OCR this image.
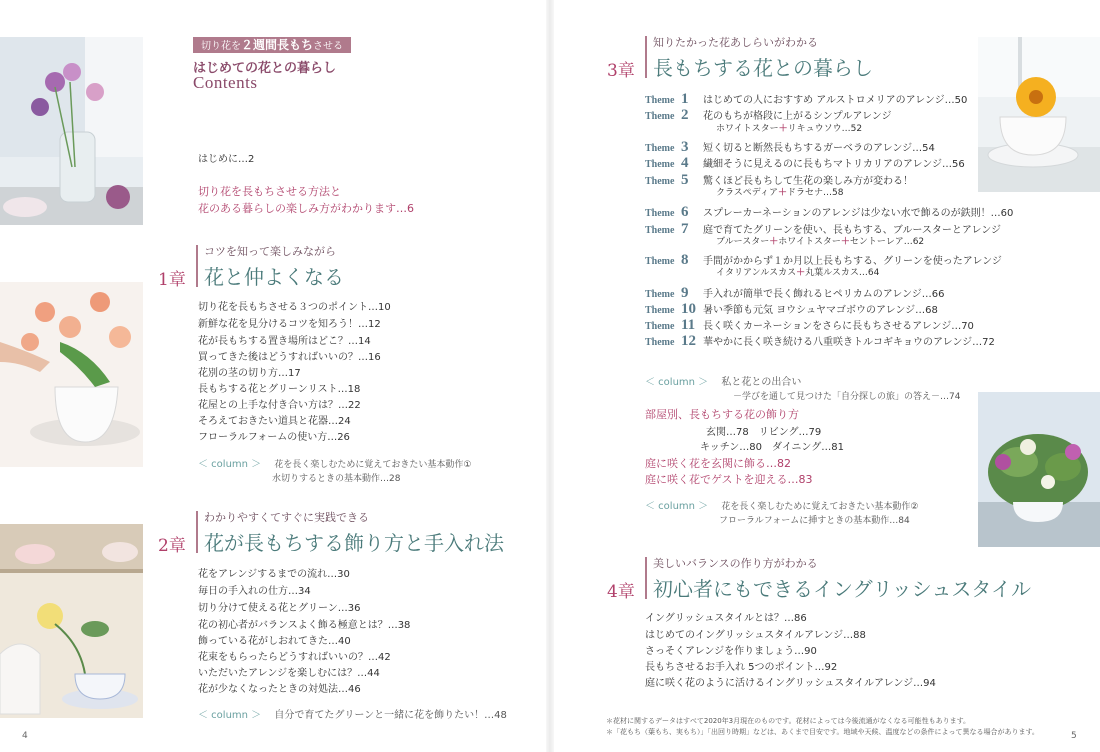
切り花を２週間長もちさせる
はじめての花との暮らし
Contents
はじめに…2
切り花を長もちさせる方法と
花のある暮らしの楽しみ方がわかります…6
1章
コツを知って楽しみながら
花と仲よくなる
切り花を長もちさせる３つのポイント…10
新鮮な花を見分けるコツを知ろう！…12
花が長もちする置き場所はどこ？…14
買ってきた後はどうすればいいの？…16
花別の茎の切り方…17
長もちする花とグリーンリスト…18
花屋との上手な付き合い方は？…22
そろえておきたい道具と花器…24
フローラルフォームの使い方…26
＜ column ＞ 花を長く楽しむために覚えておきたい基本動作①
水切りするときの基本動作…28
2章
わかりやすくてすぐに実践できる
花が長もちする飾り方と手入れ法
花をアレンジするまでの流れ…30
毎日の手入れの仕方…34
切り分けて使える花とグリーン…36
花の初心者がバランスよく飾る極意とは？…38
飾っている花がしおれてきた…40
花束をもらったらどうすればいいの？…42
いただいたアレンジを楽しむには？…44
花が少なくなったときの対処法…46
＜ column ＞ 自分で育てたグリーンと一緒に花を飾りたい！…48
4
3章
知りたかった花あしらいがわかる
長もちする花との暮らし
Theme 1 はじめての人におすすめ アルストロメリアのアレンジ…50
Theme 2 花のもちが格段に上がるシンプルアレンジ
ホワイトスター＋リキュウソウ…52
Theme 3 短く切ると断然長もちするガーベラのアレンジ…54
Theme 4 繊細そうに見えるのに長もちマトリカリアのアレンジ…56
Theme 5 驚くほど長もちして生花の楽しみ方が変わる！
クラスペディア＋ドラセナ…58
Theme 6 スプレーカーネーションのアレンジは少ない水で飾るのが鉄則！…60
Theme 7 庭で育てたグリーンを使い、長もちする、ブルースターとアレンジ
ブルースター＋ホワイトスター＋セントーレア…62
Theme 8 手間がかからず１か月以上長もちする、グリーンを使ったアレンジ
イタリアンルスカス＋丸葉ルスカス…64
Theme 9 手入れが簡単で長く飾れるヒペリカムのアレンジ…66
Theme 10 暑い季節も元気 ヨウシュヤマゴボウのアレンジ…68
Theme 11 長く咲くカーネーションをさらに長もちさせるアレンジ…70
Theme 12 華やかに長く咲き続ける八重咲きトルコギキョウのアレンジ…72
＜ column ＞ 私と花との出合い
－学びを通して見つけた「自分探しの旅」の答え－…74
部屋別、長もちする花の飾り方
玄関…78　リビング…79
キッチン…80　ダイニング…81
庭に咲く花を玄関に飾る…82
庭に咲く花でゲストを迎える…83
＜ column ＞ 花を長く楽しむために覚えておきたい基本動作②
フローラルフォームに挿すときの基本動作…84
4章
美しいバランスの作り方がわかる
初心者にもできるイングリッシュスタイル
イングリッシュスタイルとは？…86
はじめてのイングリッシュスタイルアレンジ…88
さっそくアレンジを作りましょう…90
長もちさせるお手入れ 5つのポイント…92
庭に咲く花のように活けるイングリッシュスタイルアレンジ…94
＊花材に関するデータはすべて2020年3月現在のものです。花材によっては今後流通がなくなる可能性もあります。
＊「花もち（葉もち、実もち）」「出回り時期」などは、あくまで目安です。地域や天候、温度などの条件によって異なる場合があります。	5
